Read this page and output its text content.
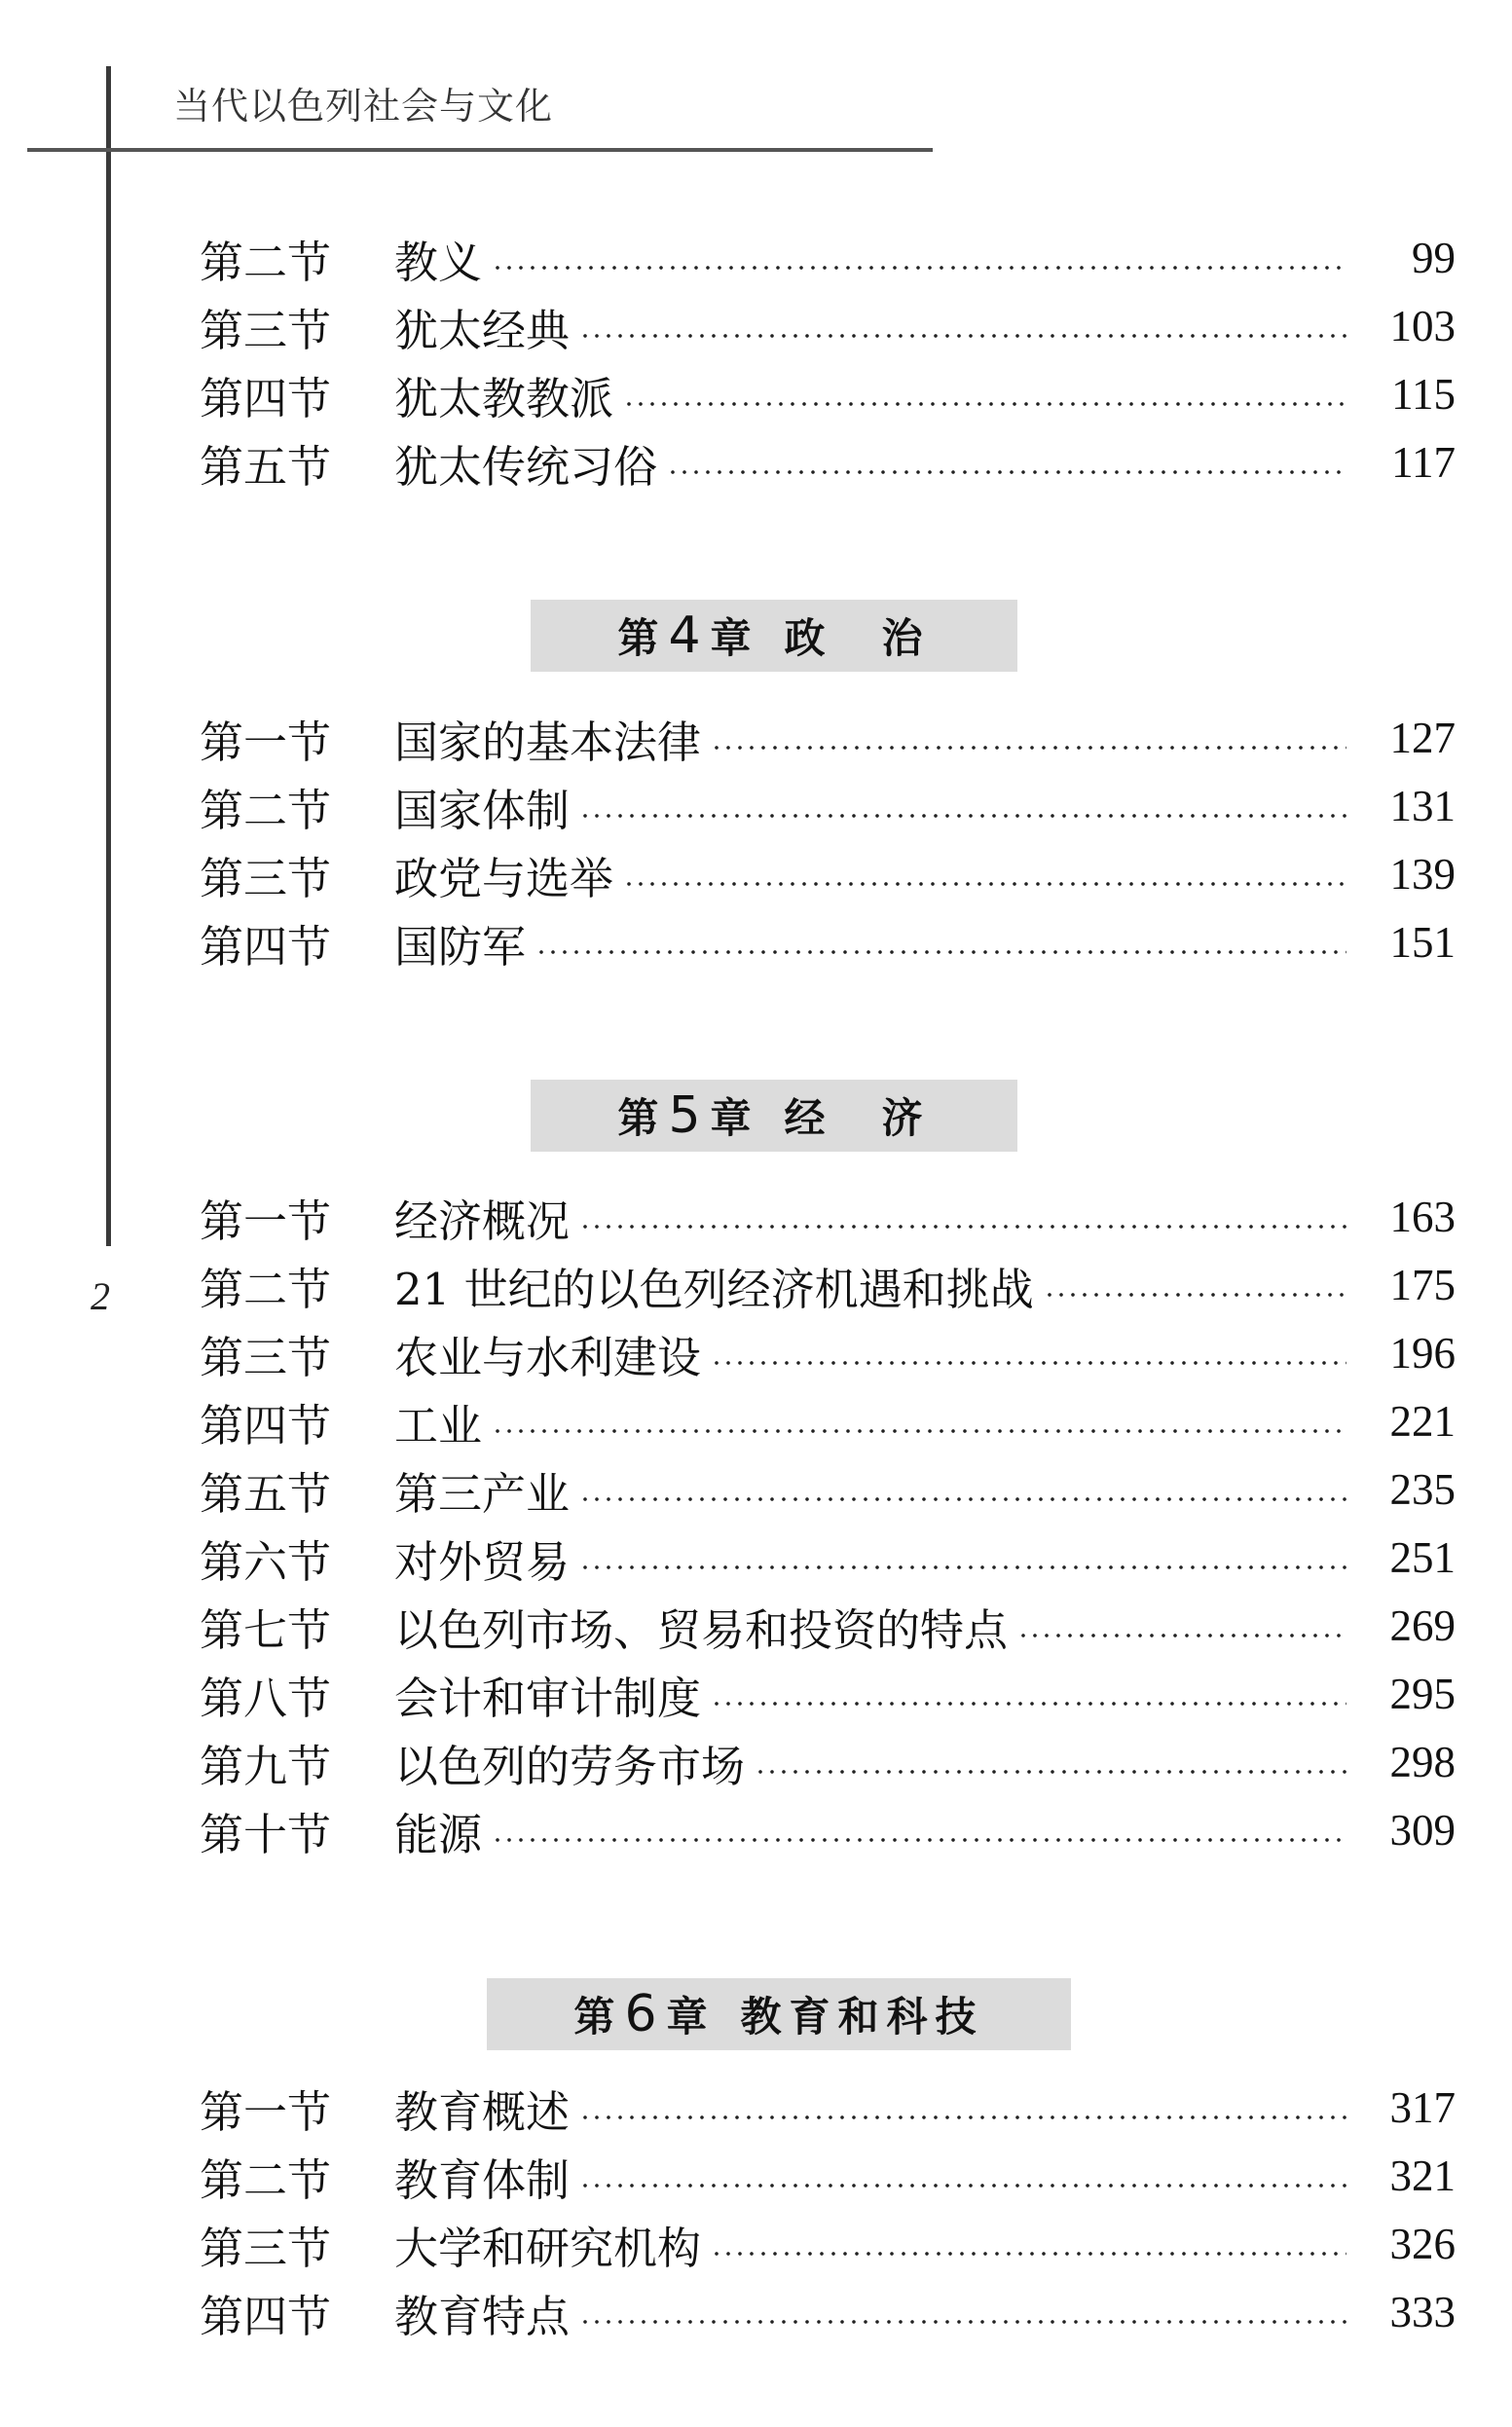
当代以色列社会与文化
2
第二节	教义	99
第三节	犹太经典	103
第四节	犹太教教派	115
第五节	犹太传统习俗	117
第 4 章 政　治
第一节	国家的基本法律	127
第二节	国家体制	131
第三节	政党与选举	139
第四节	国防军	151
第 5 章 经　济
第一节	经济概况	163
第二节	21 世纪的以色列经济机遇和挑战	175
第三节	农业与水利建设	196
第四节	工业	221
第五节	第三产业	235
第六节	对外贸易	251
第七节	以色列市场、贸易和投资的特点	269
第八节	会计和审计制度	295
第九节	以色列的劳务市场	298
第十节	能源	309
第 6 章 教育和科技
第一节	教育概述	317
第二节	教育体制	321
第三节	大学和研究机构	326
第四节	教育特点	333
